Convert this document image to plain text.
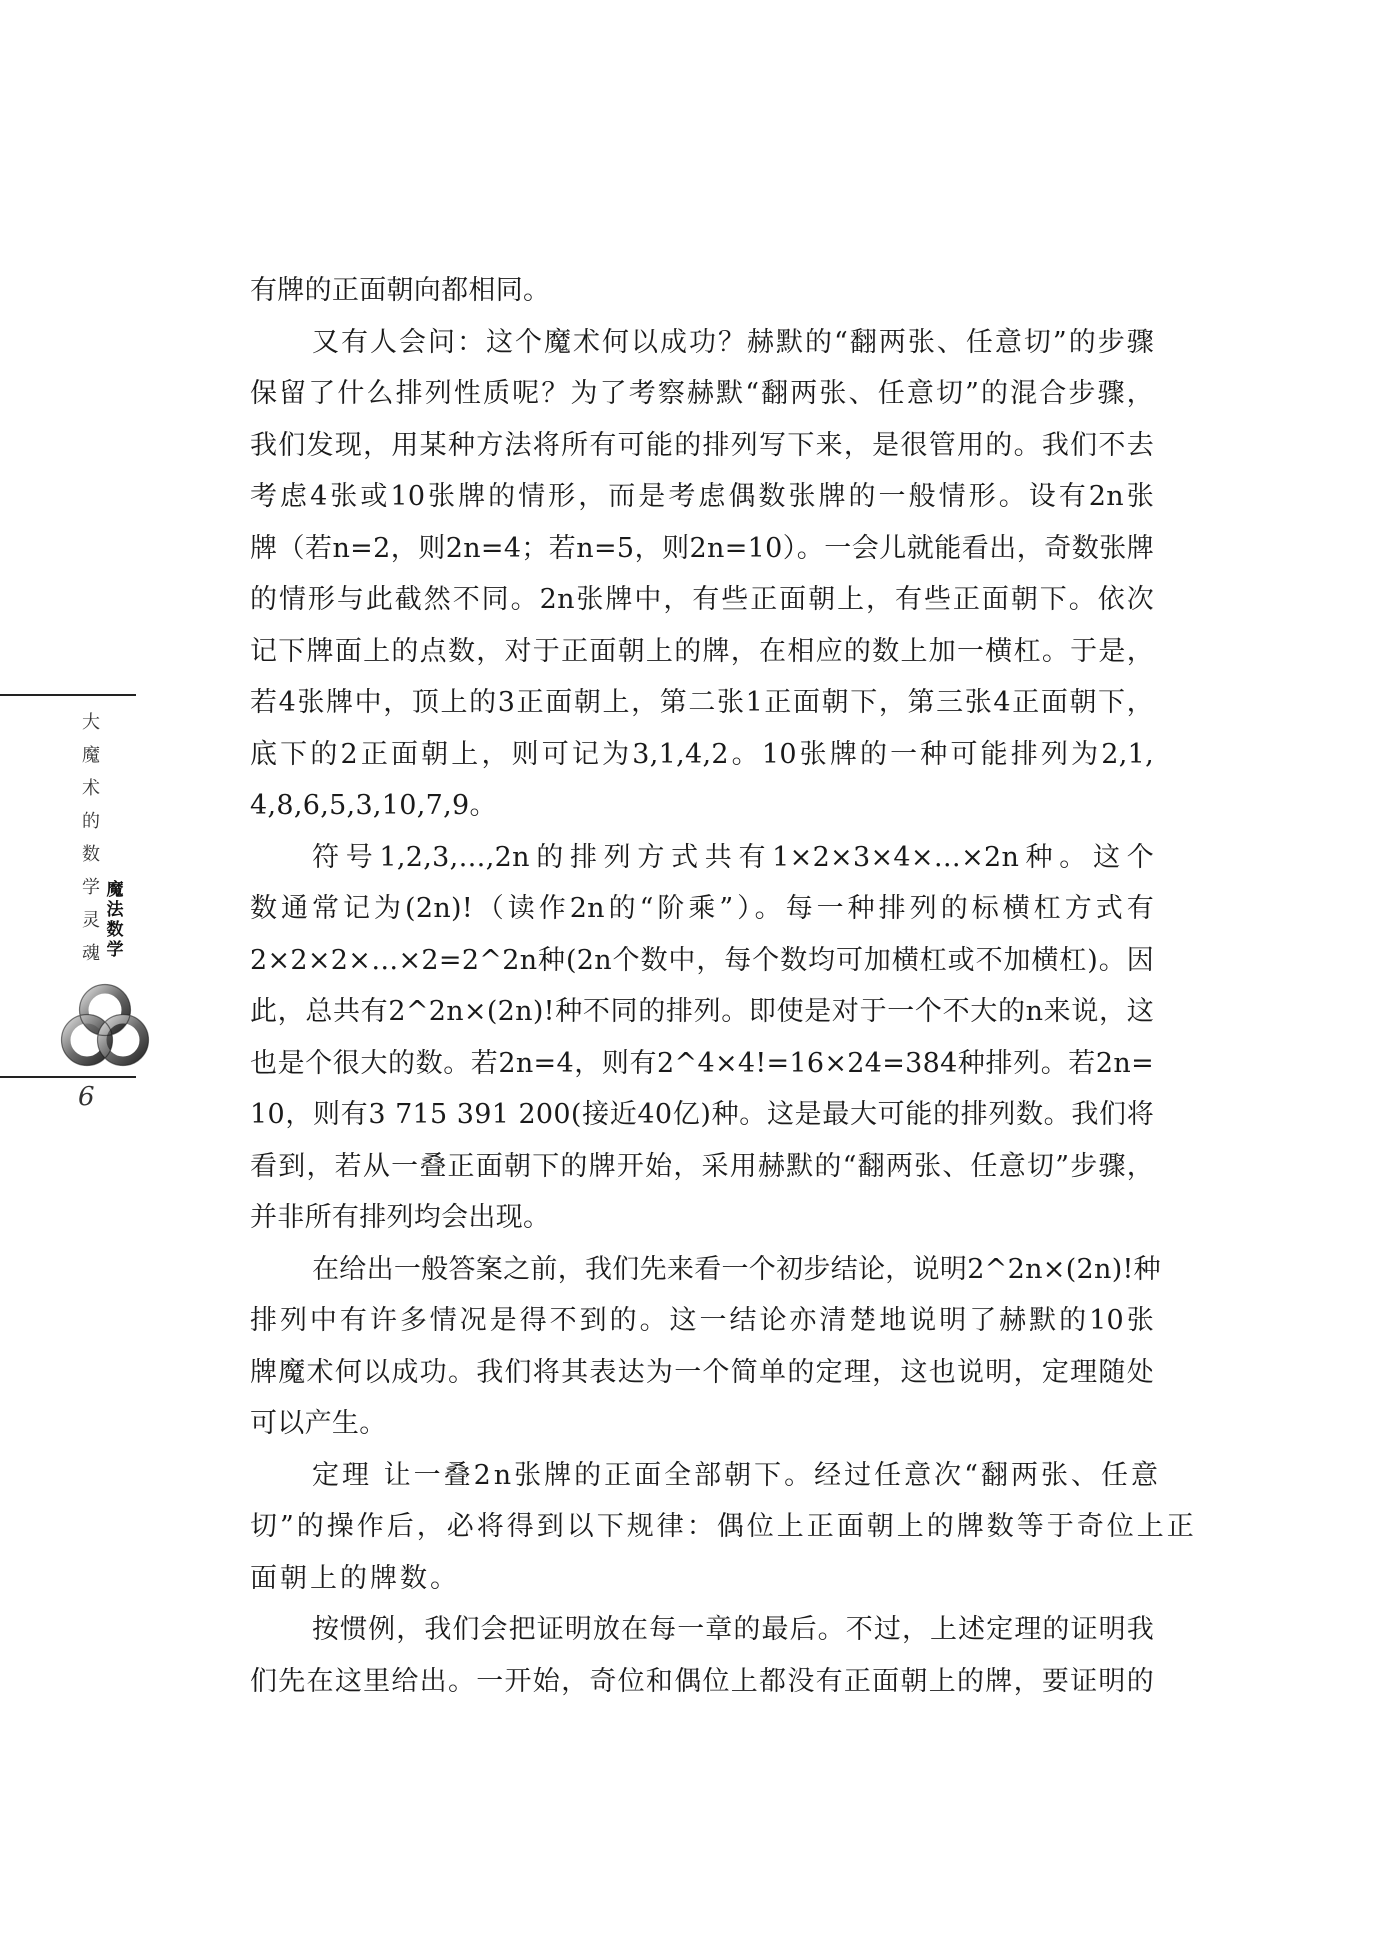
大
魔
术
的
数
学
灵
魂
魔
法
数
学
6
有牌的正面朝向都相同。
又有人会问：这个魔术何以成功？赫默的“翻两张、任意切”的步骤
保留了什么排列性质呢？为了考察赫默“翻两张、任意切”的混合步骤，
我们发现，用某种方法将所有可能的排列写下来，是很管用的。我们不去
考虑4张或10张牌的情形，而是考虑偶数张牌的一般情形。设有2n张
牌（若n=2，则2n=4；若n=5，则2n=10）。一会儿就能看出，奇数张牌
的情形与此截然不同。2n张牌中，有些正面朝上，有些正面朝下。依次
记下牌面上的点数，对于正面朝上的牌，在相应的数上加一横杠。于是，
若4张牌中，顶上的3正面朝上，第二张1正面朝下，第三张4正面朝下，
底下的2正面朝上，则可记为3,1,4,2。10张牌的一种可能排列为2,1,
4,8,6,5,3,10,7,9。
符号1,2,3,…,2n的排列方式共有1×2×3×4×…×2n种。这个
数通常记为(2n)!（读作2n的“阶乘”）。每一种排列的标横杠方式有
2×2×2×…×2=2^2n种(2n个数中，每个数均可加横杠或不加横杠)。因
此，总共有2^2n×(2n)!种不同的排列。即使是对于一个不大的n来说，这
也是个很大的数。若2n=4，则有2^4×4!=16×24=384种排列。若2n=
10，则有3 715 391 200(接近40亿)种。这是最大可能的排列数。我们将
看到，若从一叠正面朝下的牌开始，采用赫默的“翻两张、任意切”步骤，
并非所有排列均会出现。
在给出一般答案之前，我们先来看一个初步结论，说明2^2n×(2n)!种
排列中有许多情况是得不到的。这一结论亦清楚地说明了赫默的10张
牌魔术何以成功。我们将其表达为一个简单的定理，这也说明，定理随处
可以产生。
定理 让一叠2n张牌的正面全部朝下。经过任意次“翻两张、任意
切”的操作后，必将得到以下规律：偶位上正面朝上的牌数等于奇位上正
面朝上的牌数。
按惯例，我们会把证明放在每一章的最后。不过，上述定理的证明我
们先在这里给出。一开始，奇位和偶位上都没有正面朝上的牌，要证明的
